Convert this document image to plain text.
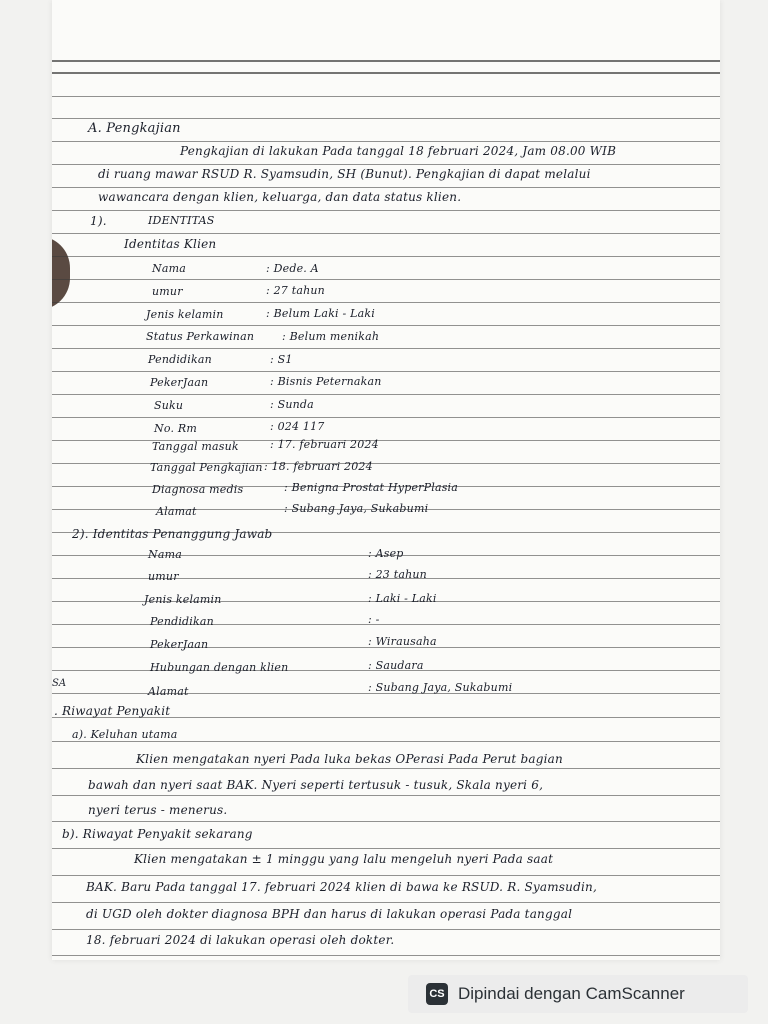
A. Pengkajian
Pengkajian di lakukan Pada tanggal 18 februari 2024, Jam 08.00 WIB
di ruang mawar RSUD R. Syamsudin, SH (Bunut). Pengkajian di dapat melalui
wawancara dengan klien, keluarga, dan data status klien.
1).	IDENTITAS
Identitas Klien
Nama	: Dede. A
umur	: 27 tahun
Jenis kelamin	: Belum Laki - Laki
Status Perkawinan	: Belum menikah
Pendidikan	: S1
PekerJaan	: Bisnis Peternakan
Suku	: Sunda
No. Rm	: 024 117
Tanggal masuk	: 17. februari 2024
Tanggal Pengkajian : 18. februari 2024
Diagnosa medis	: Benigna Prostat HyperPlasia
Alamat	: Subang Jaya, Sukabumi
2). Identitas Penanggung Jawab
Nama	: Asep
umur	: 23 tahun
Jenis kelamin	: Laki - Laki
Pendidikan	: -
PekerJaan	: Wirausaha
Hubungan dengan klien	: Saudara
Alamat	: Subang Jaya, Sukabumi
. Riwayat Penyakit
a). Keluhan utama
Klien mengatakan nyeri Pada luka bekas OPerasi Pada Perut bagian
bawah dan nyeri saat BAK. Nyeri seperti tertusuk - tusuk, Skala nyeri 6,
nyeri terus - menerus.
b). Riwayat Penyakit sekarang
Klien mengatakan ± 1 minggu yang lalu mengeluh nyeri Pada saat
BAK. Baru Pada tanggal 17. februari 2024 klien di bawa ke RSUD. R. Syamsudin,
di UGD oleh dokter diagnosa BPH dan harus di lakukan operasi Pada tanggal
18. februari 2024 di lakukan operasi oleh dokter.
SA
CS Dipindai dengan CamScanner
